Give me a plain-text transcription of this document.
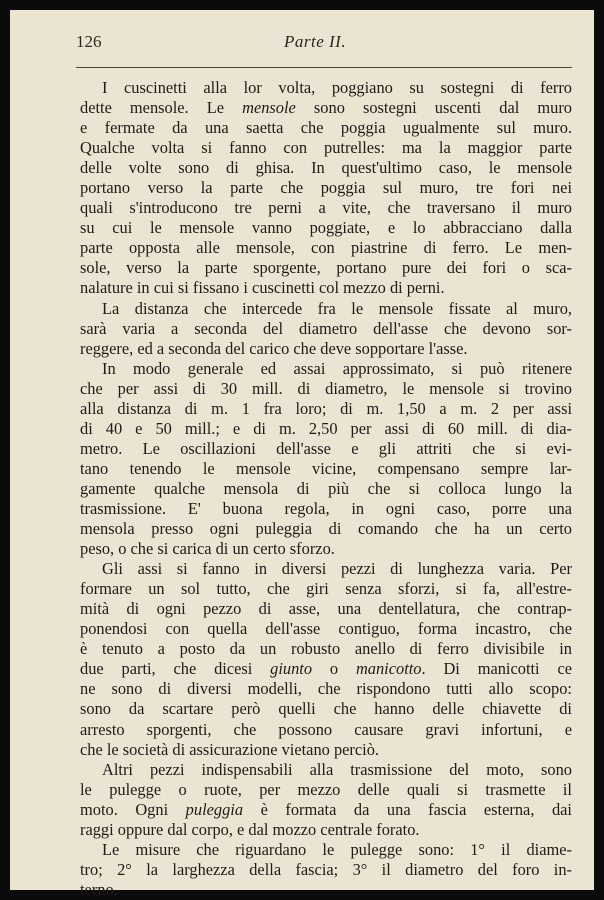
126	Parte II.
I cuscinetti alla lor volta, poggiano su sostegni di ferro
dette mensole. Le mensole sono sostegni uscenti dal muro
e fermate da una saetta che poggia ugualmente sul muro.
Qualche volta si fanno con putrelles: ma la maggior parte
delle volte sono di ghisa. In quest'ultimo caso, le mensole
portano verso la parte che poggia sul muro, tre fori nei
quali s'introducono tre perni a vite, che traversano il muro
su cui le mensole vanno poggiate, e lo abbracciano dalla
parte opposta alle mensole, con piastrine di ferro. Le men-
sole, verso la parte sporgente, portano pure dei fori o sca-
nalature in cui si fissano i cuscinetti col mezzo di perni.
La distanza che intercede fra le mensole fissate al muro,
sarà varia a seconda del diametro dell'asse che devono sor-
reggere, ed a seconda del carico che deve sopportare l'asse.
In modo generale ed assai approssimato, si può ritenere
che per assi di 30 mill. di diametro, le mensole si trovino
alla distanza di m. 1 fra loro; di m. 1,50 a m. 2 per assi
di 40 e 50 mill.; e di m. 2,50 per assi di 60 mill. di dia-
metro. Le oscillazioni dell'asse e gli attriti che si evi-
tano tenendo le mensole vicine, compensano sempre lar-
gamente qualche mensola di più che si colloca lungo la
trasmissione. E' buona regola, in ogni caso, porre una
mensola presso ogni puleggia di comando che ha un certo
peso, o che si carica di un certo sforzo.
Gli assi si fanno in diversi pezzi di lunghezza varia. Per
formare un sol tutto, che giri senza sforzi, si fa, all'estre-
mità di ogni pezzo di asse, una dentellatura, che contrap-
ponendosi con quella dell'asse contiguo, forma incastro, che
è tenuto a posto da un robusto anello di ferro divisibile in
due parti, che dicesi giunto o manicotto. Di manicotti ce
ne sono di diversi modelli, che rispondono tutti allo scopo:
sono da scartare però quelli che hanno delle chiavette di
arresto sporgenti, che possono causare gravi infortuni, e
che le società di assicurazione vietano perciò.
Altri pezzi indispensabili alla trasmissione del moto, sono
le pulegge o ruote, per mezzo delle quali si trasmette il
moto. Ogni puleggia è formata da una fascia esterna, dai
raggi oppure dal corpo, e dal mozzo centrale forato.
Le misure che riguardano le pulegge sono: 1° il diame-
tro; 2° la larghezza della fascia; 3° il diametro del foro in-
terno.
